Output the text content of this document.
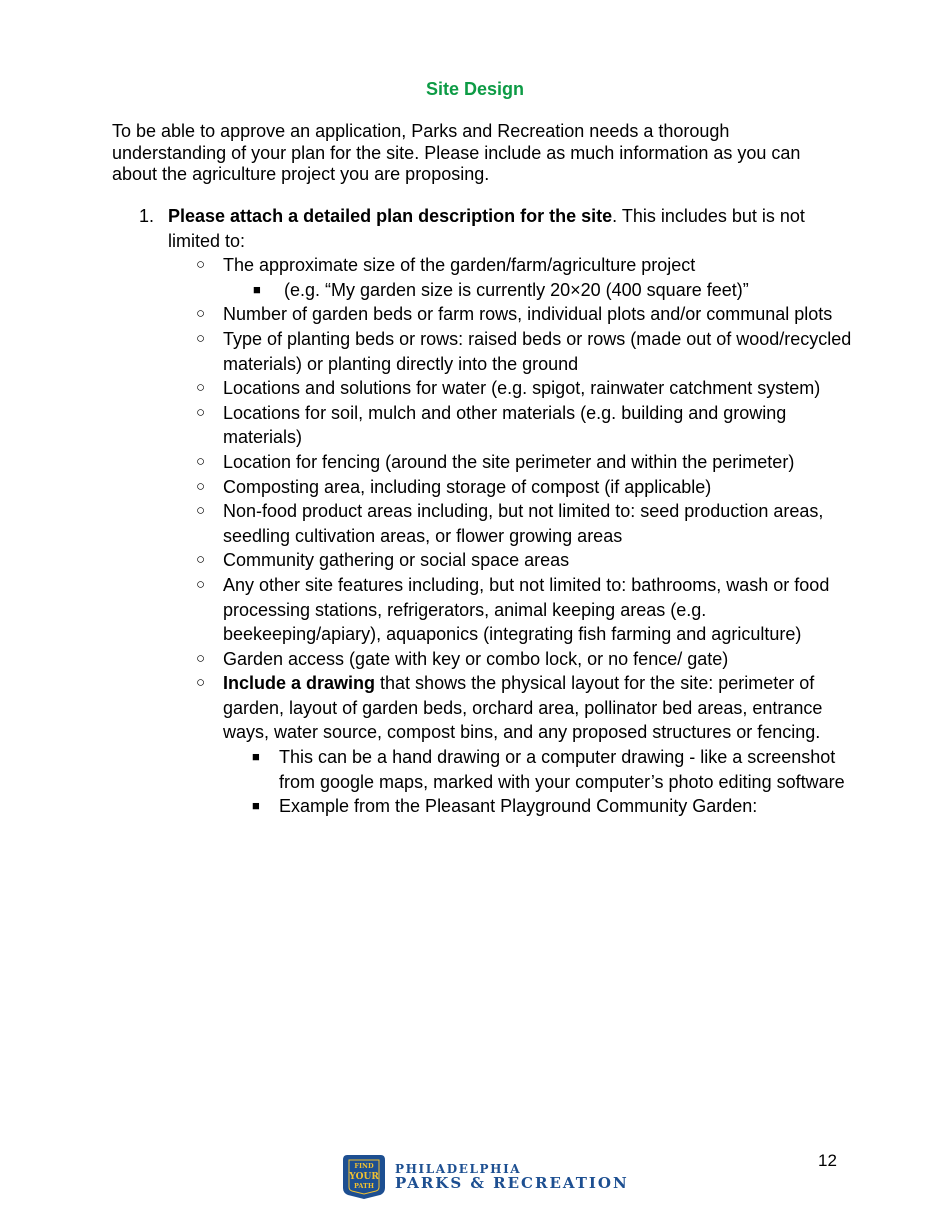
Site Design
To be able to approve an application, Parks and Recreation needs a thorough understanding of your plan for the site. Please include as much information as you can about the agriculture project you are proposing.
1. Please attach a detailed plan description for the site. This includes but is not limited to:
○ The approximate size of the garden/farm/agriculture project
■ (e.g. “My garden size is currently 20×20 (400 square feet)”
○ Number of garden beds or farm rows, individual plots and/or communal plots
○ Type of planting beds or rows: raised beds or rows (made out of wood/recycled materials) or planting directly into the ground
○ Locations and solutions for water (e.g. spigot, rainwater catchment system)
○ Locations for soil, mulch and other materials (e.g. building and growing materials)
○ Location for fencing (around the site perimeter and within the perimeter)
○ Composting area, including storage of compost (if applicable)
○ Non-food product areas including, but not limited to: seed production areas, seedling cultivation areas, or flower growing areas
○ Community gathering or social space areas
○ Any other site features including, but not limited to: bathrooms, wash or food processing stations, refrigerators, animal keeping areas (e.g. beekeeping/apiary), aquaponics (integrating fish farming and agriculture)
○ Garden access (gate with key or combo lock, or no fence/ gate)
○ Include a drawing that shows the physical layout for the site: perimeter of garden, layout of garden beds, orchard area, pollinator bed areas, entrance ways, water source, compost bins, and any proposed structures or fencing.
■ This can be a hand drawing or a computer drawing - like a screenshot from google maps, marked with your computer’s photo editing software
■ Example from the Pleasant Playground Community Garden:
FIND
YOUR
PATH
PHILADELPHIA
PARKS & RECREATION
12
